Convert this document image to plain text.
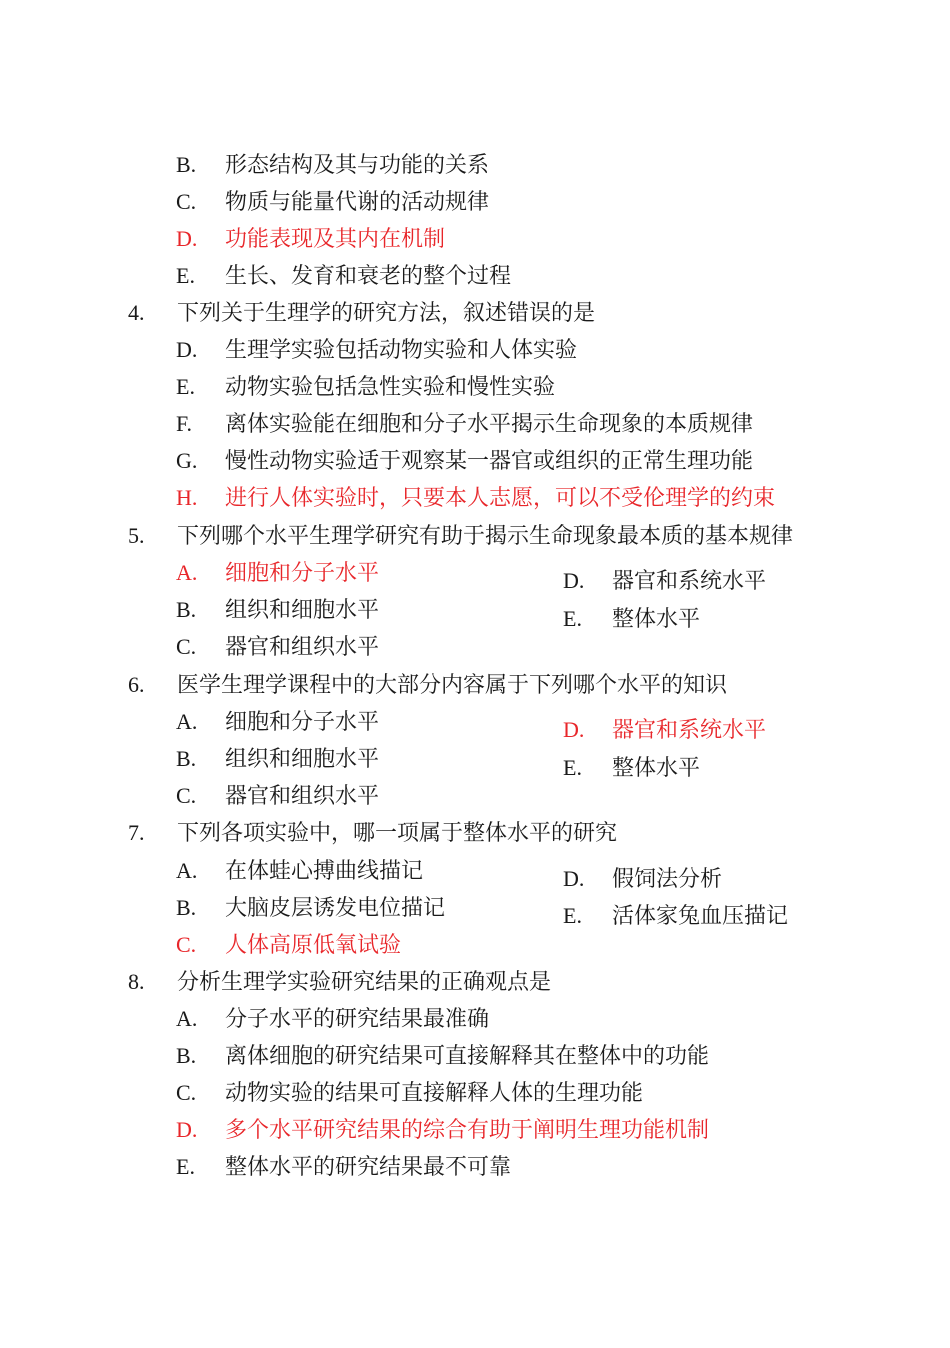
B. 形态结构及其与功能的关系
C. 物质与能量代谢的活动规律
D. 功能表现及其内在机制
E. 生长、发育和衰老的整个过程
4. 下列关于生理学的研究方法，叙述错误的是
D. 生理学实验包括动物实验和人体实验
E. 动物实验包括急性实验和慢性实验
F. 离体实验能在细胞和分子水平揭示生命现象的本质规律
G. 慢性动物实验适于观察某一器官或组织的正常生理功能
H. 进行人体实验时，只要本人志愿，可以不受伦理学的约束
5. 下列哪个水平生理学研究有助于揭示生命现象最本质的基本规律
A. 细胞和分子水平
B. 组织和细胞水平
C. 器官和组织水平
D. 器官和系统水平
E. 整体水平
6. 医学生理学课程中的大部分内容属于下列哪个水平的知识
A. 细胞和分子水平
B. 组织和细胞水平
C. 器官和组织水平
D. 器官和系统水平
E. 整体水平
7. 下列各项实验中，哪一项属于整体水平的研究
A. 在体蛙心搏曲线描记
B. 大脑皮层诱发电位描记
C. 人体高原低氧试验
D. 假饲法分析
E. 活体家兔血压描记
8. 分析生理学实验研究结果的正确观点是
A. 分子水平的研究结果最准确
B. 离体细胞的研究结果可直接解释其在整体中的功能
C. 动物实验的结果可直接解释人体的生理功能
D. 多个水平研究结果的综合有助于阐明生理功能机制
E. 整体水平的研究结果最不可靠
